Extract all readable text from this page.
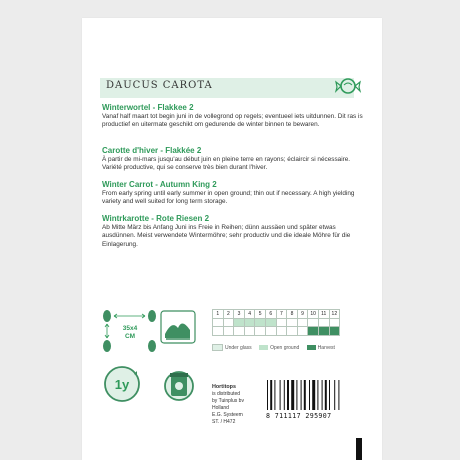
DAUCUS CAROTA
Winterwortel - Flakkee 2

Vanaf half maart tot begin juni in de vollegrond op regels; eventueel iets uitdunnen. Dit ras is productief en uitermate geschikt om gedurende de winter binnen te bewaren.

Carotte d'hiver - Flakkée 2

À partir de mi-mars jusqu'au début juin en pleine terre en rayons; éclaircir si nécessaire. Variété productive, qui se conserve très bien durant l'hiver.

Winter Carrot - Autumn King 2

From early spring until early summer in open ground; thin out if necessary. A high yielding variety and well suited for long term storage.

Wintrkarotte - Rote Riesen 2

Ab Mitte März bis Anfang Juni ins Freie in Reihen; dünn aussäen und später etwas ausdünnen. Meist verwendete Wintermöhre; sehr productiv und die ideale Möhre für die Einlagerung.

35x4
CM
1y
1	2	3	4	5	6	7	8	9	10	11	12

Under glass	Open ground	Harvest
Hortitops
is distributed
by Tuinplus bv
Holland
E.G. Systeem
ST. / H472
8 711117 295907
